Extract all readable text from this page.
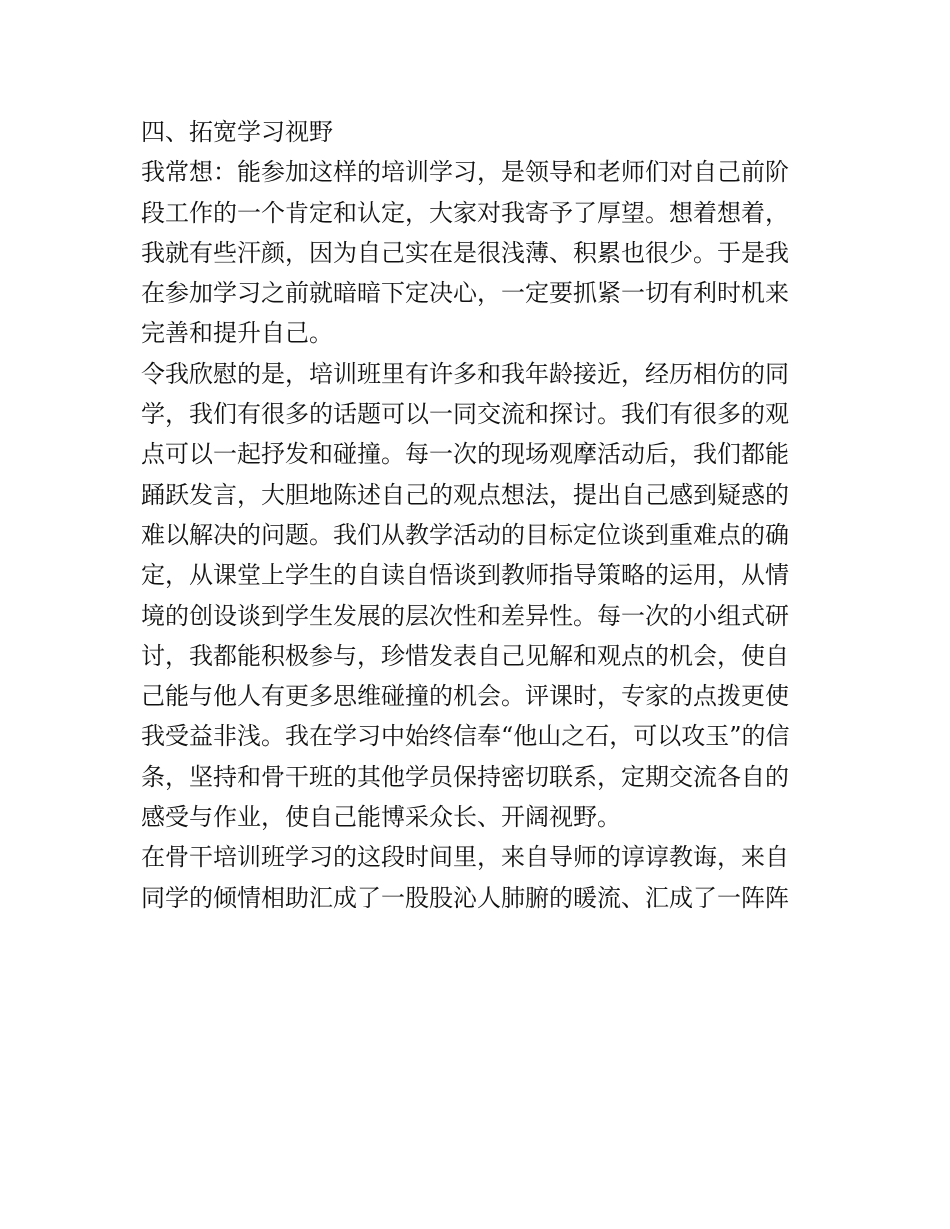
四、拓宽学习视野
我常想：能参加这样的培训学习，是领导和老师们对自己前阶
段工作的一个肯定和认定，大家对我寄予了厚望。想着想着，
我就有些汗颜，因为自己实在是很浅薄、积累也很少。于是我
在参加学习之前就暗暗下定决心，一定要抓紧一切有利时机来
完善和提升自己。
令我欣慰的是，培训班里有许多和我年龄接近，经历相仿的同
学，我们有很多的话题可以一同交流和探讨。我们有很多的观
点可以一起抒发和碰撞。每一次的现场观摩活动后，我们都能
踊跃发言，大胆地陈述自己的观点想法，提出自己感到疑惑的
难以解决的问题。我们从教学活动的目标定位谈到重难点的确
定，从课堂上学生的自读自悟谈到教师指导策略的运用，从情
境的创设谈到学生发展的层次性和差异性。每一次的小组式研
讨，我都能积极参与，珍惜发表自己见解和观点的机会，使自
己能与他人有更多思维碰撞的机会。评课时，专家的点拨更使
我受益非浅。我在学习中始终信奉“他山之石，可以攻玉”的信
条，坚持和骨干班的其他学员保持密切联系，定期交流各自的
感受与作业，使自己能博采众长、开阔视野。
在骨干培训班学习的这段时间里，来自导师的谆谆教诲，来自
同学的倾情相助汇成了一股股沁人肺腑的暖流、汇成了一阵阵
